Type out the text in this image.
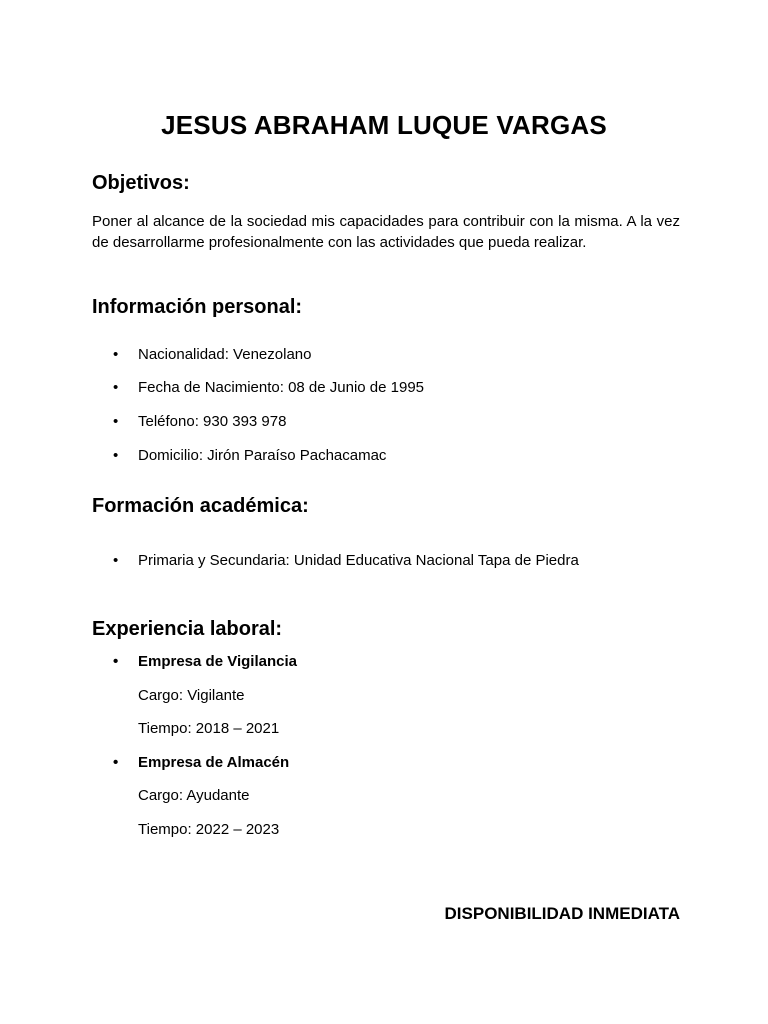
JESUS ABRAHAM LUQUE VARGAS
Objetivos:
Poner al alcance de la sociedad mis capacidades para contribuir con la misma. A la vez de desarrollarme profesionalmente con las actividades que pueda realizar.
Información personal:
• Nacionalidad: Venezolano
• Fecha de Nacimiento: 08 de Junio de 1995
• Teléfono: 930 393 978
• Domicilio: Jirón Paraíso Pachacamac
Formación académica:
• Primaria y Secundaria: Unidad Educativa Nacional Tapa de Piedra
Experiencia laboral:
• Empresa de Vigilancia
Cargo: Vigilante
Tiempo: 2018 – 2021
• Empresa de Almacén
Cargo: Ayudante
Tiempo: 2022 – 2023
DISPONIBILIDAD INMEDIATA
